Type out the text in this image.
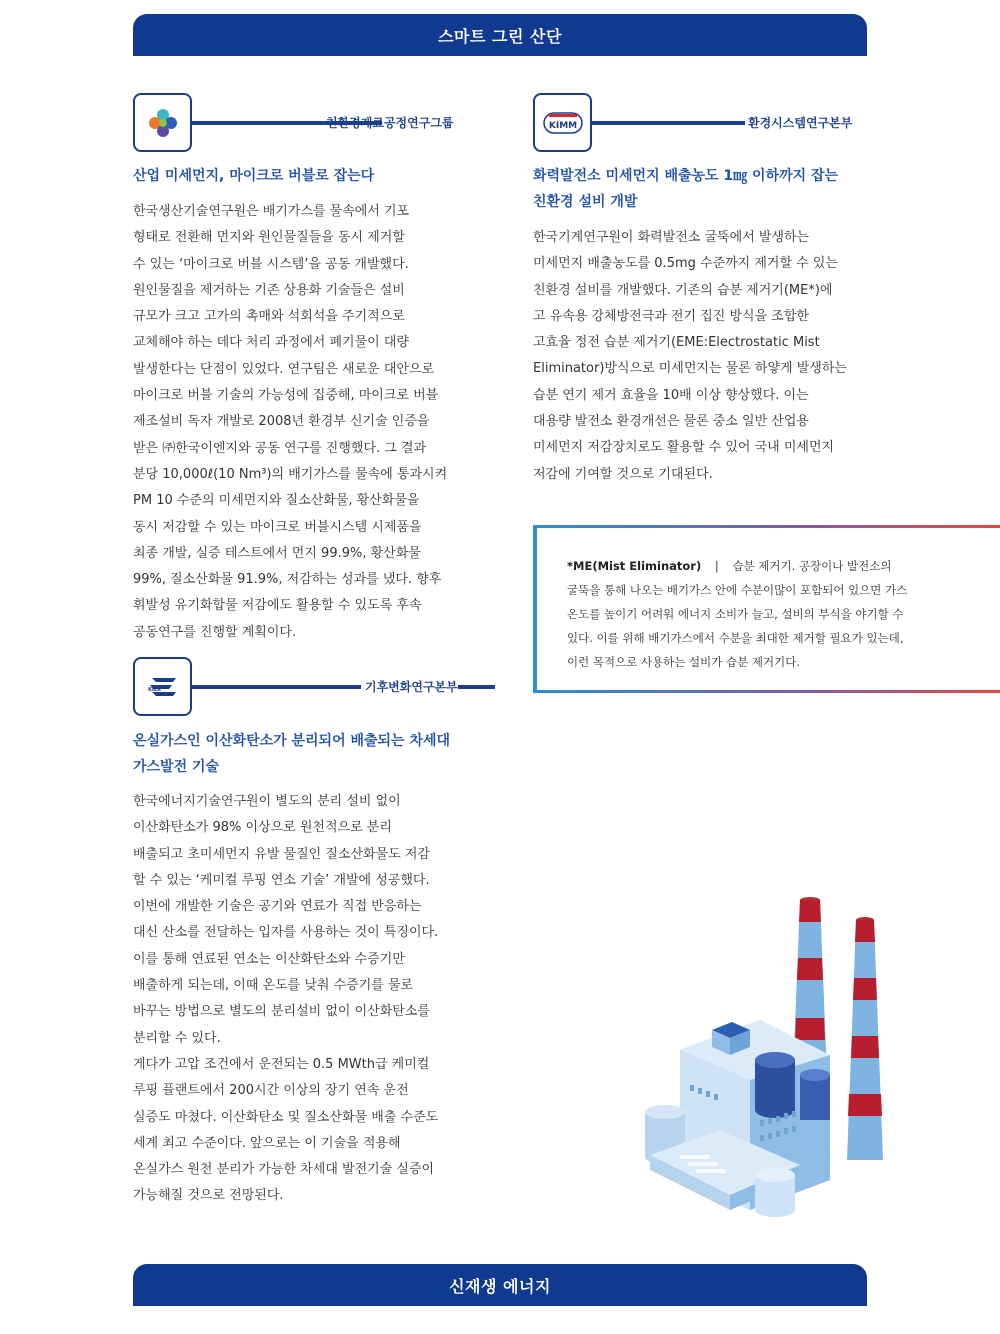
스마트 그린 산단
친환경재료공정연구그룹
산업 미세먼지, 마이크로 버블로 잡는다

한국생산기술연구원은 배기가스를 물속에서 기포

형태로 전환해 먼지와 원인물질들을 동시 제거할

수 있는 ‘마이크로 버블 시스템’을 공동 개발했다.

원인물질을 제거하는 기존 상용화 기술들은 설비

규모가 크고 고가의 촉매와 석회석을 주기적으로

교체해야 하는 데다 처리 과정에서 폐기물이 대량

발생한다는 단점이 있었다. 연구팀은 새로운 대안으로

마이크로 버블 기술의 가능성에 집중해, 마이크로 버블

제조설비 독자 개발로 2008년 환경부 신기술 인증을

받은 ㈜한국이엔지와 공동 연구를 진행했다. 그 결과

분당 10,000ℓ(10 Nm³)의 배기가스를 물속에 통과시켜

PM 10 수준의 미세먼지와 질소산화물, 황산화물을

동시 저감할 수 있는 마이크로 버블시스템 시제품을

최종 개발, 실증 테스트에서 먼지 99.9%, 황산화물

99%, 질소산화물 91.9%, 저감하는 성과를 냈다. 향후

휘발성 유기화합물 저감에도 활용할 수 있도록 후속

공동연구를 진행할 계획이다.

KIER	기후변화연구본부
온실가스인 이산화탄소가 분리되어 배출되는 차세대
가스발전 기술

한국에너지기술연구원이 별도의 분리 설비 없이

이산화탄소가 98% 이상으로 원천적으로 분리

배출되고 초미세먼지 유발 물질인 질소산화물도 저감

할 수 있는 ‘케미컬 루핑 연소 기술’ 개발에 성공했다.

이번에 개발한 기술은 공기와 연료가 직접 반응하는

대신 산소를 전달하는 입자를 사용하는 것이 특징이다.

이를 통해 연료된 연소는 이산화탄소와 수증기만

배출하게 되는데, 이때 온도를 낮춰 수증기를 물로

바꾸는 방법으로 별도의 분리설비 없이 이산화탄소를

분리할 수 있다.

게다가 고압 조건에서 운전되는 0.5 MWth급 케미컬

루핑 플랜트에서 200시간 이상의 장기 연속 운전

실증도 마쳤다. 이산화탄소 및 질소산화물 배출 수준도

세계 최고 수준이다. 앞으로는 이 기술을 적용해

온실가스 원천 분리가 가능한 차세대 발전기술 실증이

가능해질 것으로 전망된다.

KIMM	환경시스템연구본부
화력발전소 미세먼지 배출농도 1㎎ 이하까지 잡는
친환경 설비 개발

한국기계연구원이 화력발전소 굴뚝에서 발생하는

미세먼지 배출농도를 0.5mg 수준까지 제거할 수 있는

친환경 설비를 개발했다. 기존의 습분 제거기(ME*)에

고 유속용 강체방전극과 전기 집진 방식을 조합한

고효율 정전 습분 제거기(EME:Electrostatic Mist

Eliminator)방식으로 미세먼지는 물론 하얗게 발생하는

습분 연기 제거 효율을 10배 이상 향상했다. 이는

대용량 발전소 환경개선은 물론 중소 일반 산업용

미세먼지 저감장치로도 활용할 수 있어 국내 미세먼지

저감에 기여할 것으로 기대된다.

*ME(Mist Eliminator) | 습분 제거기. 공장이나 발전소의
굴뚝을 통해 나오는 배기가스 안에 수분이많이 포함되어 있으면 가스
온도를 높이기 어려워 에너지 소비가 늘고, 설비의 부식을 야기할 수
있다. 이를 위해 배기가스에서 수분을 최대한 제거할 필요가 있는데,
이런 목적으로 사용하는 설비가 습분 제거기다.
신재생 에너지
